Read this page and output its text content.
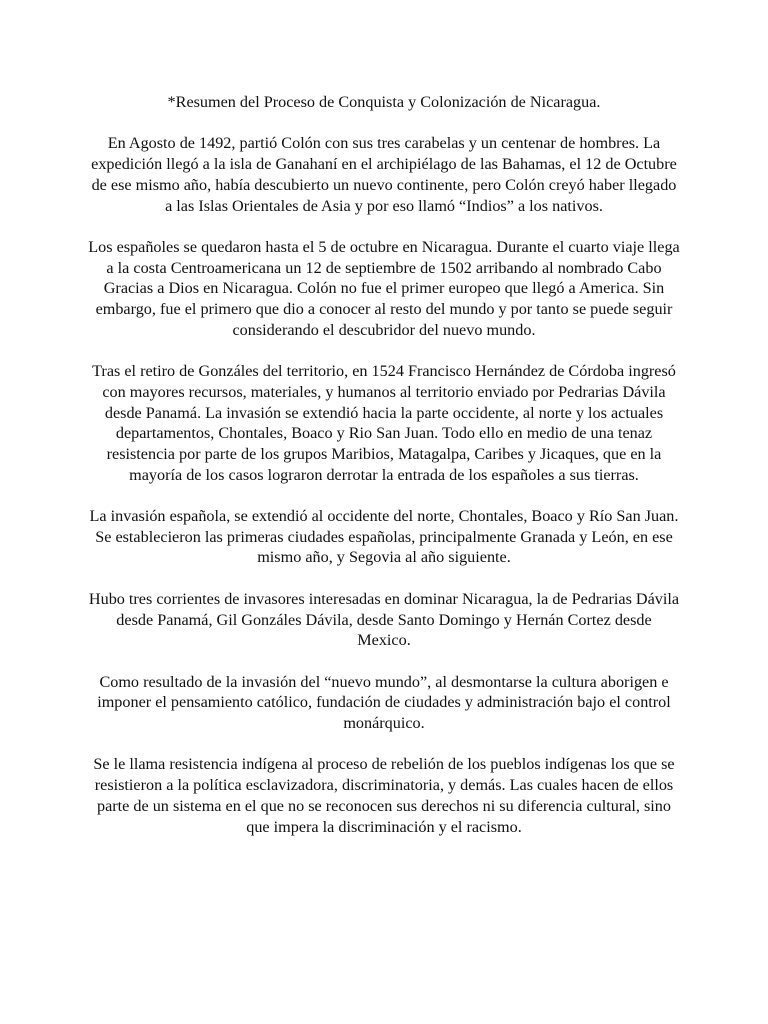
*Resumen del Proceso de Conquista y Colonización de Nicaragua.

En Agosto de 1492, partió Colón con sus tres carabelas y un centenar de hombres. La expedición llegó a la isla de Ganahaní en el archipiélago de las Bahamas, el 12 de Octubre de ese mismo año, había descubierto un nuevo continente, pero Colón creyó haber llegado a las Islas Orientales de Asia y por eso llamó “Indios” a los nativos.

Los españoles se quedaron hasta el 5 de octubre en Nicaragua. Durante el cuarto viaje llega a la costa Centroamericana un 12 de septiembre de 1502 arribando al nombrado Cabo Gracias a Dios en Nicaragua. Colón no fue el primer europeo que llegó a America. Sin embargo, fue el primero que dio a conocer al resto del mundo y por tanto se puede seguir considerando el descubridor del nuevo mundo.

Tras el retiro de Gonzáles del territorio, en 1524 Francisco Hernández de Córdoba ingresó con mayores recursos, materiales, y humanos al territorio enviado por Pedrarias Dávila desde Panamá. La invasión se extendió hacia la parte occidente, al norte y los actuales departamentos, Chontales, Boaco y Rio San Juan. Todo ello en medio de una tenaz resistencia por parte de los grupos Maribios, Matagalpa, Caribes y Jicaques, que en la mayoría de los casos lograron derrotar la entrada de los españoles a sus tierras.

La invasión española, se extendió al occidente del norte, Chontales, Boaco y Río San Juan. Se establecieron las primeras ciudades españolas, principalmente Granada y León, en ese mismo año, y Segovia al año siguiente.

Hubo tres corrientes de invasores interesadas en dominar Nicaragua, la de Pedrarias Dávila desde Panamá, Gil Gonzáles Dávila, desde Santo Domingo y Hernán Cortez desde Mexico.

Como resultado de la invasión del “nuevo mundo”, al desmontarse la cultura aborigen e imponer el pensamiento católico, fundación de ciudades y administración bajo el control monárquico.

Se le llama resistencia indígena al proceso de rebelión de los pueblos indígenas los que se resistieron a la política esclavizadora, discriminatoria, y demás. Las cuales hacen de ellos parte de un sistema en el que no se reconocen sus derechos ni su diferencia cultural, sino que impera la discriminación y el racismo.
